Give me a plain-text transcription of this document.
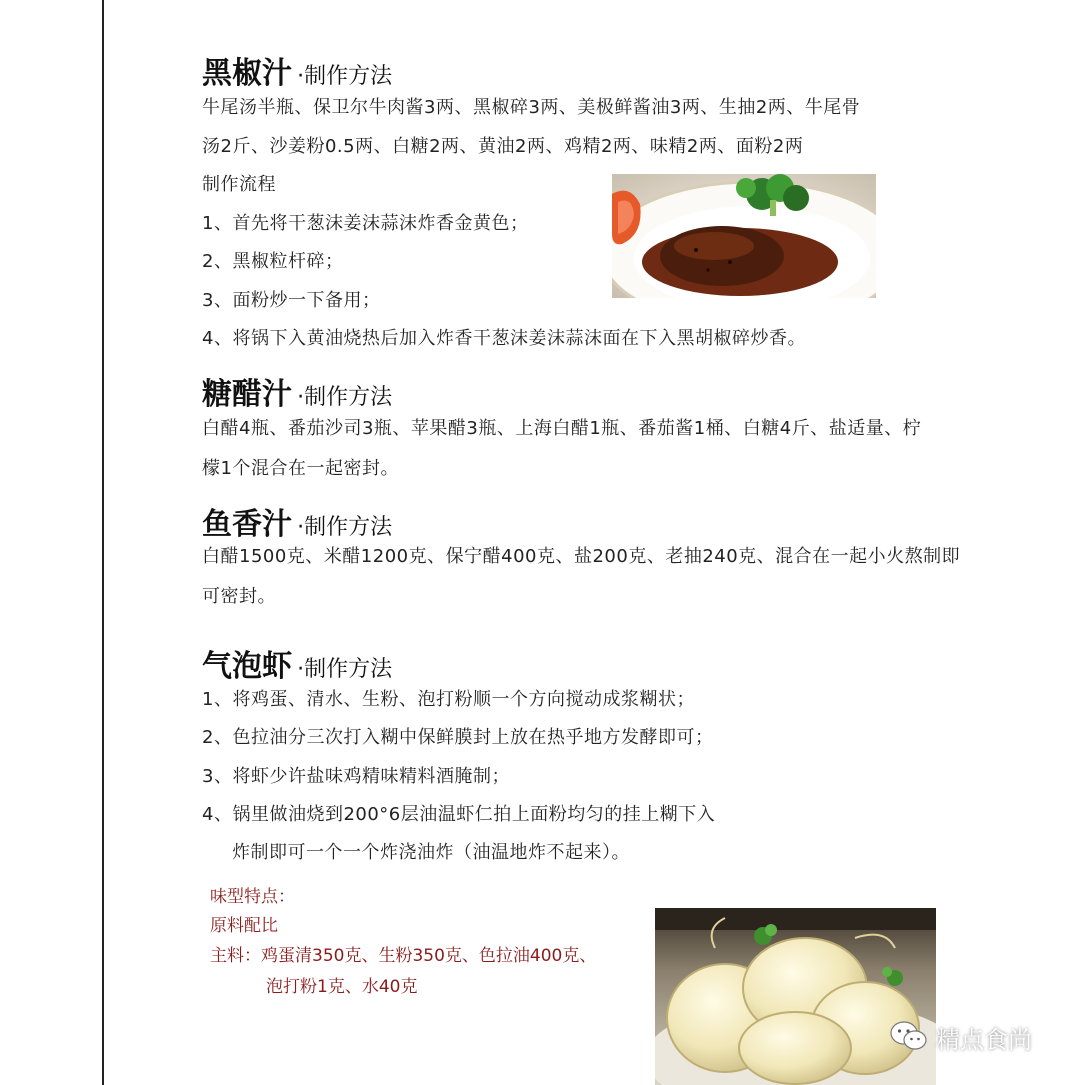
黑椒汁 ·制作方法
牛尾汤半瓶、保卫尔牛肉酱3两、黑椒碎3两、美极鲜酱油3两、生抽2两、牛尾骨
汤2斤、沙姜粉0.5两、白糖2两、黄油2两、鸡精2两、味精2两、面粉2两
制作流程
1、首先将干葱沫姜沫蒜沫炸香金黄色；
2、黑椒粒杆碎；
3、面粉炒一下备用；
4、将锅下入黄油烧热后加入炸香干葱沫姜沫蒜沫面在下入黑胡椒碎炒香。
糖醋汁 ·制作方法
白醋4瓶、番茄沙司3瓶、苹果醋3瓶、上海白醋1瓶、番茄酱1桶、白糖4斤、盐适量、柠
檬1个混合在一起密封。
鱼香汁 ·制作方法
白醋1500克、米醋1200克、保宁醋400克、盐200克、老抽240克、混合在一起小火熬制即
可密封。
气泡虾 ·制作方法
1、将鸡蛋、清水、生粉、泡打粉顺一个方向搅动成浆糊状；
2、色拉油分三次打入糊中保鲜膜封上放在热乎地方发酵即可；
3、将虾少许盐味鸡精味精料酒腌制；
4、锅里做油烧到200°6层油温虾仁拍上面粉均匀的挂上糊下入
炸制即可一个一个炸浇油炸（油温地炸不起来）。
味型特点：
原料配比
主料：鸡蛋清350克、生粉350克、色拉油400克、
泡打粉1克、水40克
精点食尚
